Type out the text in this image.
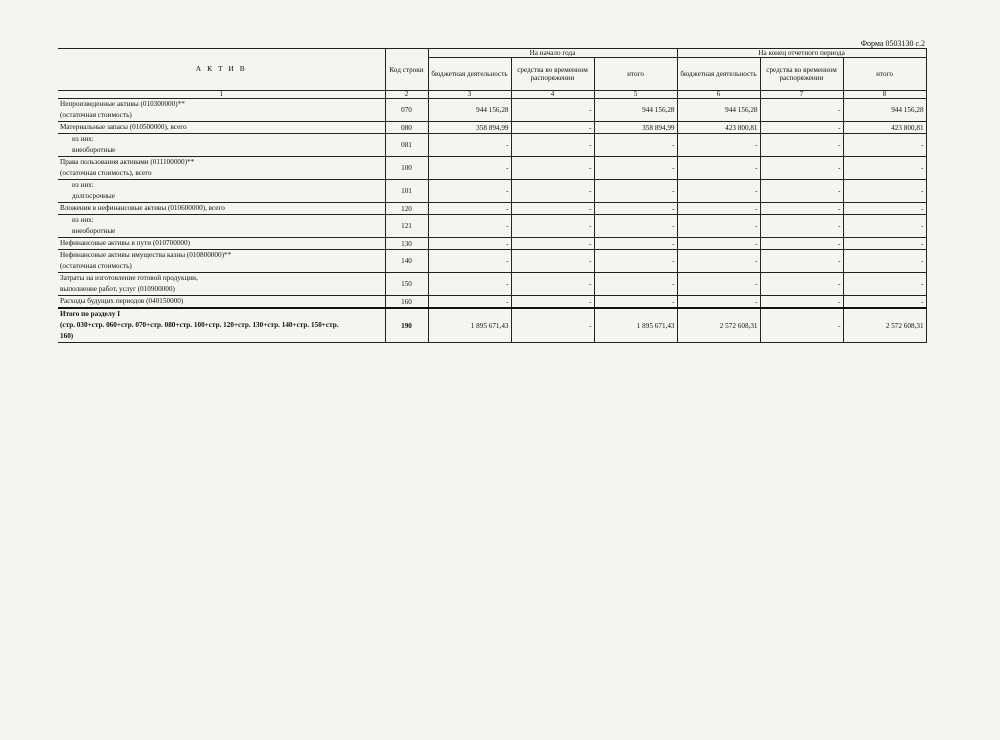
Форма 0503130 с.2
А К Т И В	Код строки	На начало года			На конец отчетного периода		
		бюджетная деятельность	средства во временном распоряжении	итого	бюджетная деятельность	средства во временном распоряжении	итого
1	2	3	4	5	6	7	8

Непроизведенные активы (010300000)**
(остаточная стоимость)	070	944 156,28	-	944 156,28	944 156,28	-	944 156,28

Материальные запасы (010500000), всего	080	358 894,99	-	358 894,99	423 800,81	-	423 800,81

из них:
внеоборотные	081	-	-	-	-	-	-

Права пользования активами (011100000)**
(остаточная стоимость), всего	100	-	-	-	-	-	-

из них:
долгосрочные	101	-	-	-	-	-	-

Вложения в нефинансовые активы (010600000), всего	120	-	-	-	-	-	-

из них:
внеоборотные	121	-	-	-	-	-	-

Нефинансовые активы в пути (010700000)	130	-	-	-	-	-	-

Нефинансовые активы имущества казны (010800000)**
(остаточная стоимость)	140	-	-	-	-	-	-

Затраты на изготовление готовой продукции,
выполнение работ, услуг (010900000)	150	-	-	-	-	-	-

Расходы будущих периодов (040150000)	160	-	-	-	-	-	-

Итого по разделу I
(стр. 030+стр. 060+стр. 070+стр. 080+стр. 100+стр. 120+стр. 130+стр. 140+стр. 150+стр.
160)	190	1 895 671,43	-	1 895 671,43	2 572 608,31	-	2 572 608,31
